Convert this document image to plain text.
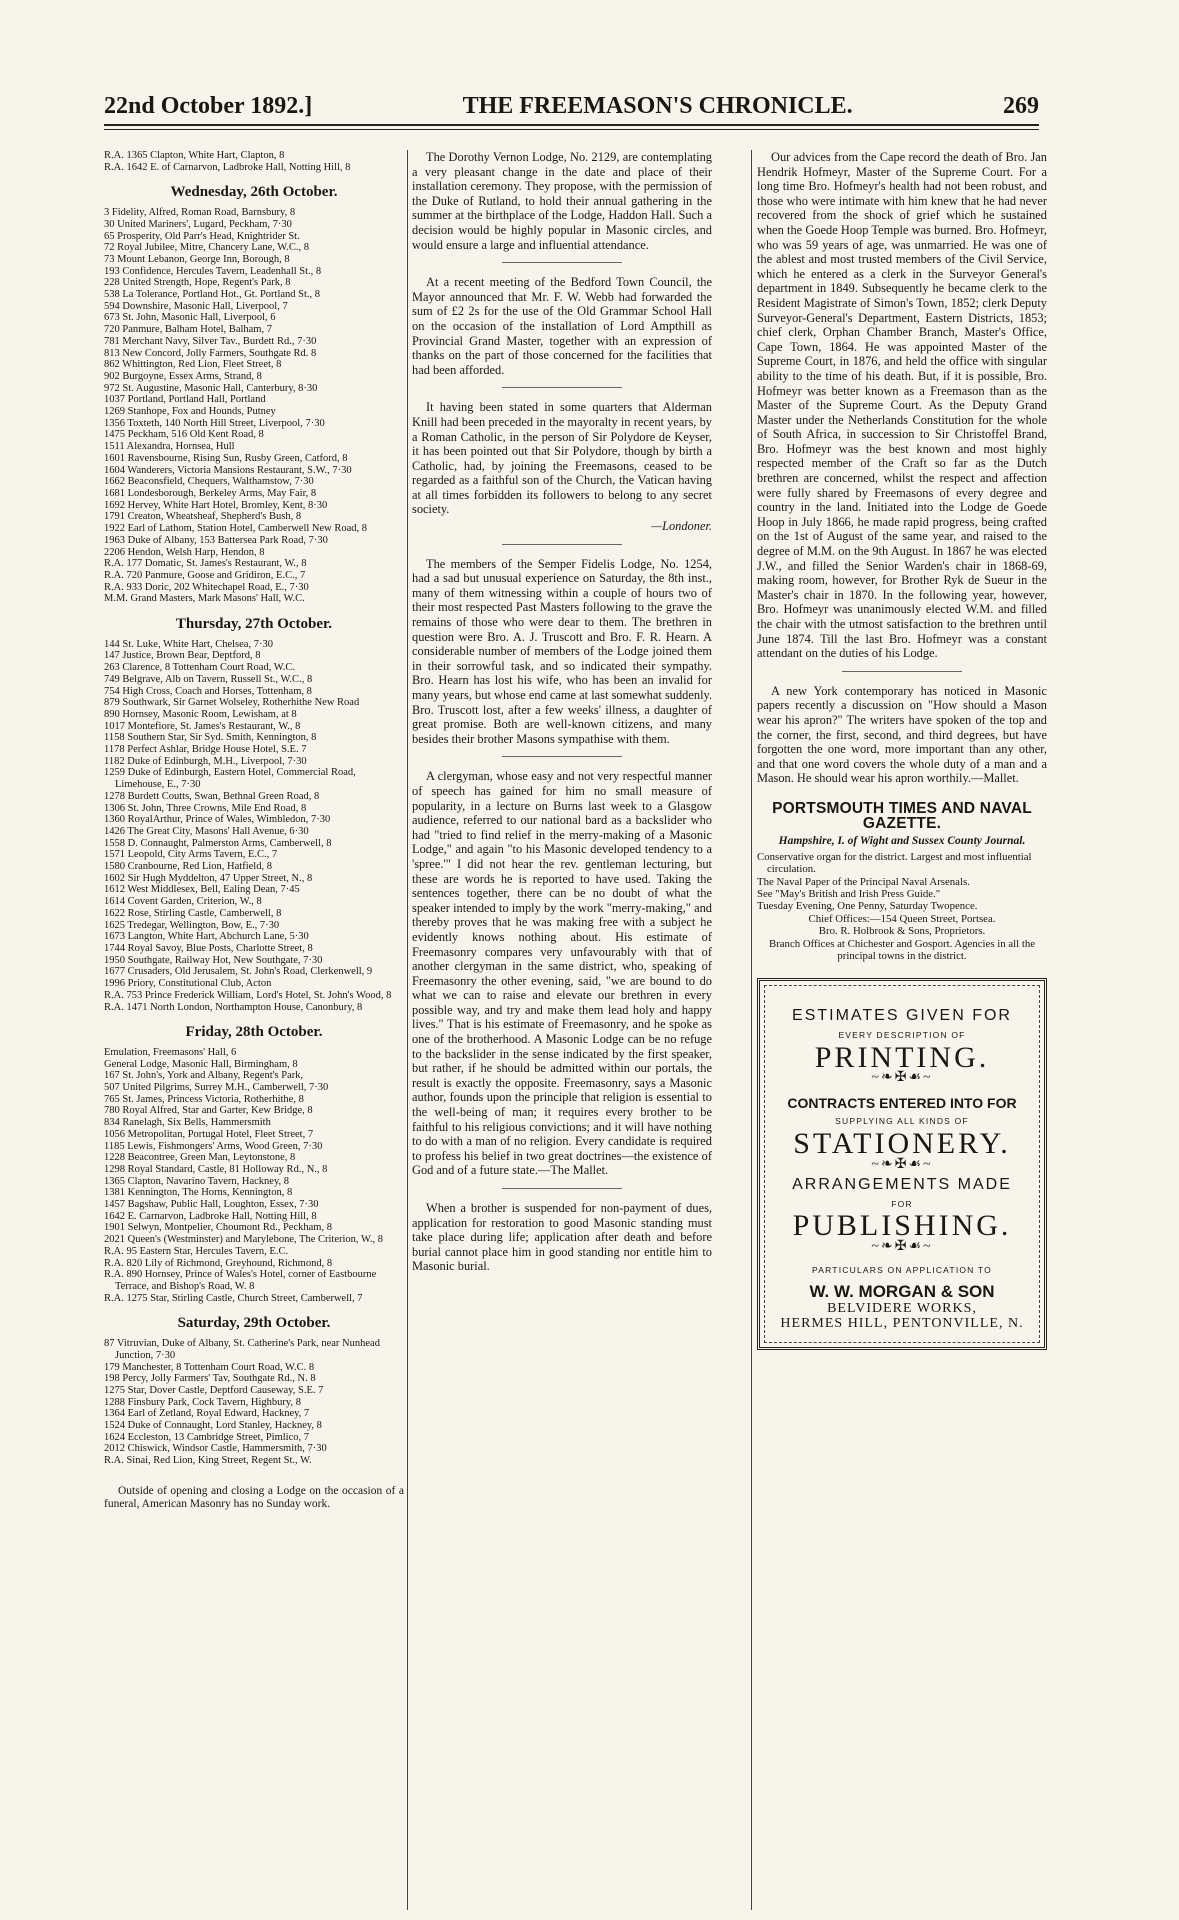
22nd October 1892.]	THE FREEMASON'S CHRONICLE.	269

R.A. 1365 Clapton, White Hart, Clapton, 8

R.A. 1642 E. of Carnarvon, Ladbroke Hall, Notting Hill, 8

Wednesday, 26th October.

3 Fidelity, Alfred, Roman Road, Barnsbury, 8

30 United Mariners', Lugard, Peckham, 7·30

65 Prosperity, Old Parr's Head, Knightrider St.

72 Royal Jubilee, Mitre, Chancery Lane, W.C., 8

73 Mount Lebanon, George Inn, Borough, 8

193 Confidence, Hercules Tavern, Leadenhall St., 8

228 United Strength, Hope, Regent's Park, 8

538 La Tolerance, Portland Hot., Gt. Portland St., 8

594 Downshire, Masonic Hall, Liverpool, 7

673 St. John, Masonic Hall, Liverpool, 6

720 Panmure, Balham Hotel, Balham, 7

781 Merchant Navy, Silver Tav., Burdett Rd., 7·30

813 New Concord, Jolly Farmers, Southgate Rd. 8

862 Whittington, Red Lion, Fleet Street, 8

902 Burgoyne, Essex Arms, Strand, 8

972 St. Augustine, Masonic Hall, Canterbury, 8·30

1037 Portland, Portland Hall, Portland

1269 Stanhope, Fox and Hounds, Putney

1356 Toxteth, 140 North Hill Street, Liverpool, 7·30

1475 Peckham, 516 Old Kent Road, 8

1511 Alexandra, Hornsea, Hull

1601 Ravensbourne, Rising Sun, Rusby Green, Catford, 8

1604 Wanderers, Victoria Mansions Restaurant, S.W., 7·30

1662 Beaconsfield, Chequers, Walthamstow, 7·30

1681 Londesborough, Berkeley Arms, May Fair, 8

1692 Hervey, White Hart Hotel, Bromley, Kent, 8·30

1791 Creaton, Wheatsheaf, Shepherd's Bush, 8

1922 Earl of Lathom, Station Hotel, Camberwell New Road, 8

1963 Duke of Albany, 153 Battersea Park Road, 7·30

2206 Hendon, Welsh Harp, Hendon, 8

R.A. 177 Domatic, St. James's Restaurant, W., 8

R.A. 720 Panmure, Goose and Gridiron, E.C., 7

R.A. 933 Doric, 202 Whitechapel Road, E., 7·30

M.M. Grand Masters, Mark Masons' Hall, W.C.

Thursday, 27th October.

144 St. Luke, White Hart, Chelsea, 7·30

147 Justice, Brown Bear, Deptford, 8

263 Clarence, 8 Tottenham Court Road, W.C.

749 Belgrave, Alb on Tavern, Russell St., W.C., 8

754 High Cross, Coach and Horses, Tottenham, 8

879 Southwark, Sir Garnet Wolseley, Rotherhithe New Road

890 Hornsey, Masonic Room, Lewisham, at 8

1017 Montefiore, St. James's Restaurant, W., 8

1158 Southern Star, Sir Syd. Smith, Kennington, 8

1178 Perfect Ashlar, Bridge House Hotel, S.E. 7

1182 Duke of Edinburgh, M.H., Liverpool, 7·30

1259 Duke of Edinburgh, Eastern Hotel, Commercial Road, Limehouse, E., 7·30

1278 Burdett Coutts, Swan, Bethnal Green Road, 8

1306 St. John, Three Crowns, Mile End Road, 8

1360 RoyalArthur, Prince of Wales, Wimbledon, 7·30

1426 The Great City, Masons' Hall Avenue, 6·30

1558 D. Connaught, Palmerston Arms, Camberwell, 8

1571 Leopold, City Arms Tavern, E.C., 7

1580 Cranbourne, Red Lion, Hatfield, 8

1602 Sir Hugh Myddelton, 47 Upper Street, N., 8

1612 West Middlesex, Bell, Ealing Dean, 7·45

1614 Covent Garden, Criterion, W., 8

1622 Rose, Stirling Castle, Camberwell, 8

1625 Tredegar, Wellington, Bow, E., 7·30

1673 Langton, White Hart, Abchurch Lane, 5·30

1744 Royal Savoy, Blue Posts, Charlotte Street, 8

1950 Southgate, Railway Hot, New Southgate, 7·30

1677 Crusaders, Old Jerusalem, St. John's Road, Clerkenwell, 9

1996 Priory, Constitutional Club, Acton

R.A. 753 Prince Frederick William, Lord's Hotel, St. John's Wood, 8

R.A. 1471 North London, Northampton House, Canonbury, 8

Friday, 28th October.

Emulation, Freemasons' Hall, 6

General Lodge, Masonic Hall, Birmingham, 8

167 St. John's, York and Albany, Regent's Park,

507 United Pilgrims, Surrey M.H., Camberwell, 7·30

765 St. James, Princess Victoria, Rotherhithe, 8

780 Royal Alfred, Star and Garter, Kew Bridge, 8

834 Ranelagh, Six Bells, Hammersmith

1056 Metropolitan, Portugal Hotel, Fleet Street, 7

1185 Lewis, Fishmongers' Arms, Wood Green, 7·30

1228 Beacontree, Green Man, Leytonstone, 8

1298 Royal Standard, Castle, 81 Holloway Rd., N., 8

1365 Clapton, Navarino Tavern, Hackney, 8

1381 Kennington, The Horns, Kennington, 8

1457 Bagshaw, Public Hall, Loughton, Essex, 7·30

1642 E. Carnarvon, Ladbroke Hall, Notting Hill, 8

1901 Selwyn, Montpelier, Choumont Rd., Peckham, 8

2021 Queen's (Westminster) and Marylebone, The Criterion, W., 8

R.A. 95 Eastern Star, Hercules Tavern, E.C.

R.A. 820 Lily of Richmond, Greyhound, Richmond, 8

R.A. 890 Hornsey, Prince of Wales's Hotel, corner of Eastbourne Terrace, and Bishop's Road, W. 8

R.A. 1275 Star, Stirling Castle, Church Street, Camberwell, 7

Saturday, 29th October.

87 Vitruvian, Duke of Albany, St. Catherine's Park, near Nunhead Junction, 7·30

179 Manchester, 8 Tottenham Court Road, W.C. 8

198 Percy, Jolly Farmers' Tav, Southgate Rd., N. 8

1275 Star, Dover Castle, Deptford Causeway, S.E. 7

1288 Finsbury Park, Cock Tavern, Highbury, 8

1364 Earl of Zetland, Royal Edward, Hackney, 7

1524 Duke of Connaught, Lord Stanley, Hackney, 8

1624 Eccleston, 13 Cambridge Street, Pimlico, 7

2012 Chiswick, Windsor Castle, Hammersmith, 7·30

R.A. Sinai, Red Lion, King Street, Regent St., W.

Outside of opening and closing a Lodge on the occasion of a funeral, American Masonry has no Sunday work.

The Dorothy Vernon Lodge, No. 2129, are contemplating a very pleasant change in the date and place of their installation ceremony. They propose, with the permission of the Duke of Rutland, to hold their annual gathering in the summer at the birthplace of the Lodge, Haddon Hall. Such a decision would be highly popular in Masonic circles, and would ensure a large and influential attendance.

At a recent meeting of the Bedford Town Council, the Mayor announced that Mr. F. W. Webb had forwarded the sum of £2 2s for the use of the Old Grammar School Hall on the occasion of the installation of Lord Ampthill as Provincial Grand Master, together with an expression of thanks on the part of those concerned for the facilities that had been afforded.

It having been stated in some quarters that Alderman Knill had been preceded in the mayoralty in recent years, by a Roman Catholic, in the person of Sir Polydore de Keyser, it has been pointed out that Sir Polydore, though by birth a Catholic, had, by joining the Freemasons, ceased to be regarded as a faithful son of the Church, the Vatican having at all times forbidden its followers to belong to any secret society.

—Londoner.

The members of the Semper Fidelis Lodge, No. 1254, had a sad but unusual experience on Saturday, the 8th inst., many of them witnessing within a couple of hours two of their most respected Past Masters following to the grave the remains of those who were dear to them. The brethren in question were Bro. A. J. Truscott and Bro. F. R. Hearn. A considerable number of members of the Lodge joined them in their sorrowful task, and so indicated their sympathy. Bro. Hearn has lost his wife, who has been an invalid for many years, but whose end came at last somewhat suddenly. Bro. Truscott lost, after a few weeks' illness, a daughter of great promise. Both are well-known citizens, and many besides their brother Masons sympathise with them.

A clergyman, whose easy and not very respectful manner of speech has gained for him no small measure of popularity, in a lecture on Burns last week to a Glasgow audience, referred to our national bard as a backslider who had "tried to find relief in the merry-making of a Masonic Lodge," and again "to his Masonic developed tendency to a 'spree.'" I did not hear the rev. gentleman lecturing, but these are words he is reported to have used. Taking the sentences together, there can be no doubt of what the speaker intended to imply by the work "merry-making," and thereby proves that he was making free with a subject he evidently knows nothing about. His estimate of Freemasonry compares very unfavourably with that of another clergyman in the same district, who, speaking of Freemasonry the other evening, said, "we are bound to do what we can to raise and elevate our brethren in every possible way, and try and make them lead holy and happy lives." That is his estimate of Freemasonry, and he spoke as one of the brotherhood. A Masonic Lodge can be no refuge to the backslider in the sense indicated by the first speaker, but rather, if he should be admitted within our portals, the result is exactly the opposite. Freemasonry, says a Masonic author, founds upon the principle that religion is essential to the well-being of man; it requires every brother to be faithful to his religious convictions; and it will have nothing to do with a man of no religion. Every candidate is required to profess his belief in two great doctrines—the existence of God and of a future state.—The Mallet.

When a brother is suspended for non-payment of dues, application for restoration to good Masonic standing must take place during life; application after death and before burial cannot place him in good standing nor entitle him to Masonic burial.

Our advices from the Cape record the death of Bro. Jan Hendrik Hofmeyr, Master of the Supreme Court. For a long time Bro. Hofmeyr's health had not been robust, and those who were intimate with him knew that he had never recovered from the shock of grief which he sustained when the Goede Hoop Temple was burned. Bro. Hofmeyr, who was 59 years of age, was unmarried. He was one of the ablest and most trusted members of the Civil Service, which he entered as a clerk in the Surveyor General's department in 1849. Subsequently he became clerk to the Resident Magistrate of Simon's Town, 1852; clerk Deputy Surveyor-General's Department, Eastern Districts, 1853; chief clerk, Orphan Chamber Branch, Master's Office, Cape Town, 1864. He was appointed Master of the Supreme Court, in 1876, and held the office with singular ability to the time of his death. But, if it is possible, Bro. Hofmeyr was better known as a Freemason than as the Master of the Supreme Court. As the Deputy Grand Master under the Netherlands Constitution for the whole of South Africa, in succession to Sir Christoffel Brand, Bro. Hofmeyr was the best known and most highly respected member of the Craft so far as the Dutch brethren are concerned, whilst the respect and affection were fully shared by Freemasons of every degree and country in the land. Initiated into the Lodge de Goede Hoop in July 1866, he made rapid progress, being crafted on the 1st of August of the same year, and raised to the degree of M.M. on the 9th August. In 1867 he was elected J.W., and filled the Senior Warden's chair in 1868-69, making room, however, for Brother Ryk de Sueur in the Master's chair in 1870. In the following year, however, Bro. Hofmeyr was unanimously elected W.M. and filled the chair with the utmost satisfaction to the brethren until June 1874. Till the last Bro. Hofmeyr was a constant attendant on the duties of his Lodge.

A new York contemporary has noticed in Masonic papers recently a discussion on "How should a Mason wear his apron?" The writers have spoken of the top and the corner, the first, second, and third degrees, but have forgotten the one word, more important than any other, and that one word covers the whole duty of a man and a Mason. He should wear his apron worthily.—Mallet.

PORTSMOUTH TIMES AND NAVAL GAZETTE.
Hampshire, I. of Wight and Sussex County Journal.

Conservative organ for the district. Largest and most influential circulation.

The Naval Paper of the Principal Naval Arsenals.

See "May's British and Irish Press Guide."

Tuesday Evening, One Penny, Saturday Twopence.

Chief Offices:—154 Queen Street, Portsea.

Bro. R. Holbrook & Sons, Proprietors.

Branch Offices at Chichester and Gosport. Agencies in all the principal towns in the district.

ESTIMATES GIVEN FOR
EVERY DESCRIPTION OF
PRINTING.
~❧✠☙~
CONTRACTS ENTERED INTO FOR
SUPPLYING ALL KINDS OF
STATIONERY.
~❧✠☙~
ARRANGEMENTS MADE
FOR
PUBLISHING.
~❧✠☙~
PARTICULARS ON APPLICATION TO
W. W. MORGAN & SON
BELVIDERE WORKS,
HERMES HILL, PENTONVILLE, N.
